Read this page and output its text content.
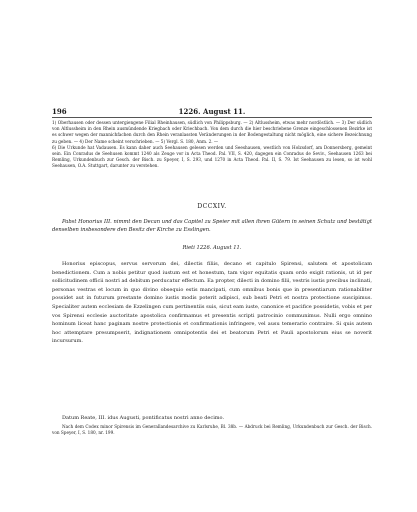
196	1226. August 11.

1) Oberhausen oder dessen untergiengene Filial Rheinhausen, südlich von Philippsburg. — 2) Altlussheim, etwas mehr nordöstlich. — 3) Der südlich von Altlussheim in den Rhein ausmündende Kriegbach oder Kriechbach. Von dem durch die hier beschriebene Grenze eingeschlossenen Bezirke ist es schwer wegen der mannichfachen durch den Rhein veranlassten Veränderungen in der Bodengestaltung nicht möglich, eine sichere Bezeichnung zu geben. — 4) Der Name scheint verschrieben. — 5) Vergl. S. 180, Anm. 2. —

6) Die Urkunde hat Vadausen. Es kann daher auch Seehausen gelesen werden und Seeshausen, westlich von Holzsdorf, am Donnersberg, gemeint sein. Ein Conradus de Seehusen kommt 1240 als Zeuge vor in Acta Theod. Pal. VII, S. 420, dagegen ein Conradus de Seviv., Seehausen 1263 bei Remling, Urkundenbuch zur Gesch. der Bisch. zu Speyer, I, S. 293, und 1270 in Acta Theod. Pal. II, S. 79. Ist Seehausen zu lesen, so ist wohl Seehausen, O.A. Stuttgart, darunter zu verstehen.

DCCXIV.

Pabst Honorius III. nimmt den Decan und das Capitel zu Speier mit allen ihren Gütern in seinen Schutz und bestätigt denselben insbesondere den Besitz der Kirche zu Esslingen.

Rieti 1226. August 11.

Honorius episcopus, servus servorum dei, dilectis filiis, decano et capitulo Spirensi, salutem et apostolicam benedictionem. Cum a nobis petitur quod iustum est et honestum, tam vigor equitatis quam ordo exigit rationis, ut id per sollicitudinem officii nostri ad debitum perducatur effectum. Ea propter, dilecti in domino filii, vestris iustis precibus inclinati, personas vestras et locum in quo divino obsequio estis mancipati, cum omnibus bonis que in presentiarum rationabiliter possidet aut in futurum prestante domino iustis modis poterit adipisci, sub beati Petri et nostra protectione suscipimus. Specialiter autem ecclesiam de Ezzelingen cum pertinentiis suis, sicut eam iuste, canonice et pacifice possidetis, vobis et per vos Spirensi ecclesie auctoritate apostolica confirmamus et presentis scripti patrocinio communimus. Nulli ergo omnino hominum liceat hanc paginam nostre protectionis et confirmationis infringere, vel ausu temerario contraire. Si quis autem hoc attemptare presumpserit, indignationem omnipotentis dei et beatorum Petri et Pauli apostolorum eius se noverit incursurum.

Datum Reate, III. idus Augusti, pontificatus nostri anno decimo.

Nach dem Codex minor Spirensis im Generallandesarchive zu Karlsruhe, Bl. 38b. — Abdruck bei Remling, Urkundenbuch zur Gesch. der Bisch. von Speyer, I, S. 180, nr. 199.
